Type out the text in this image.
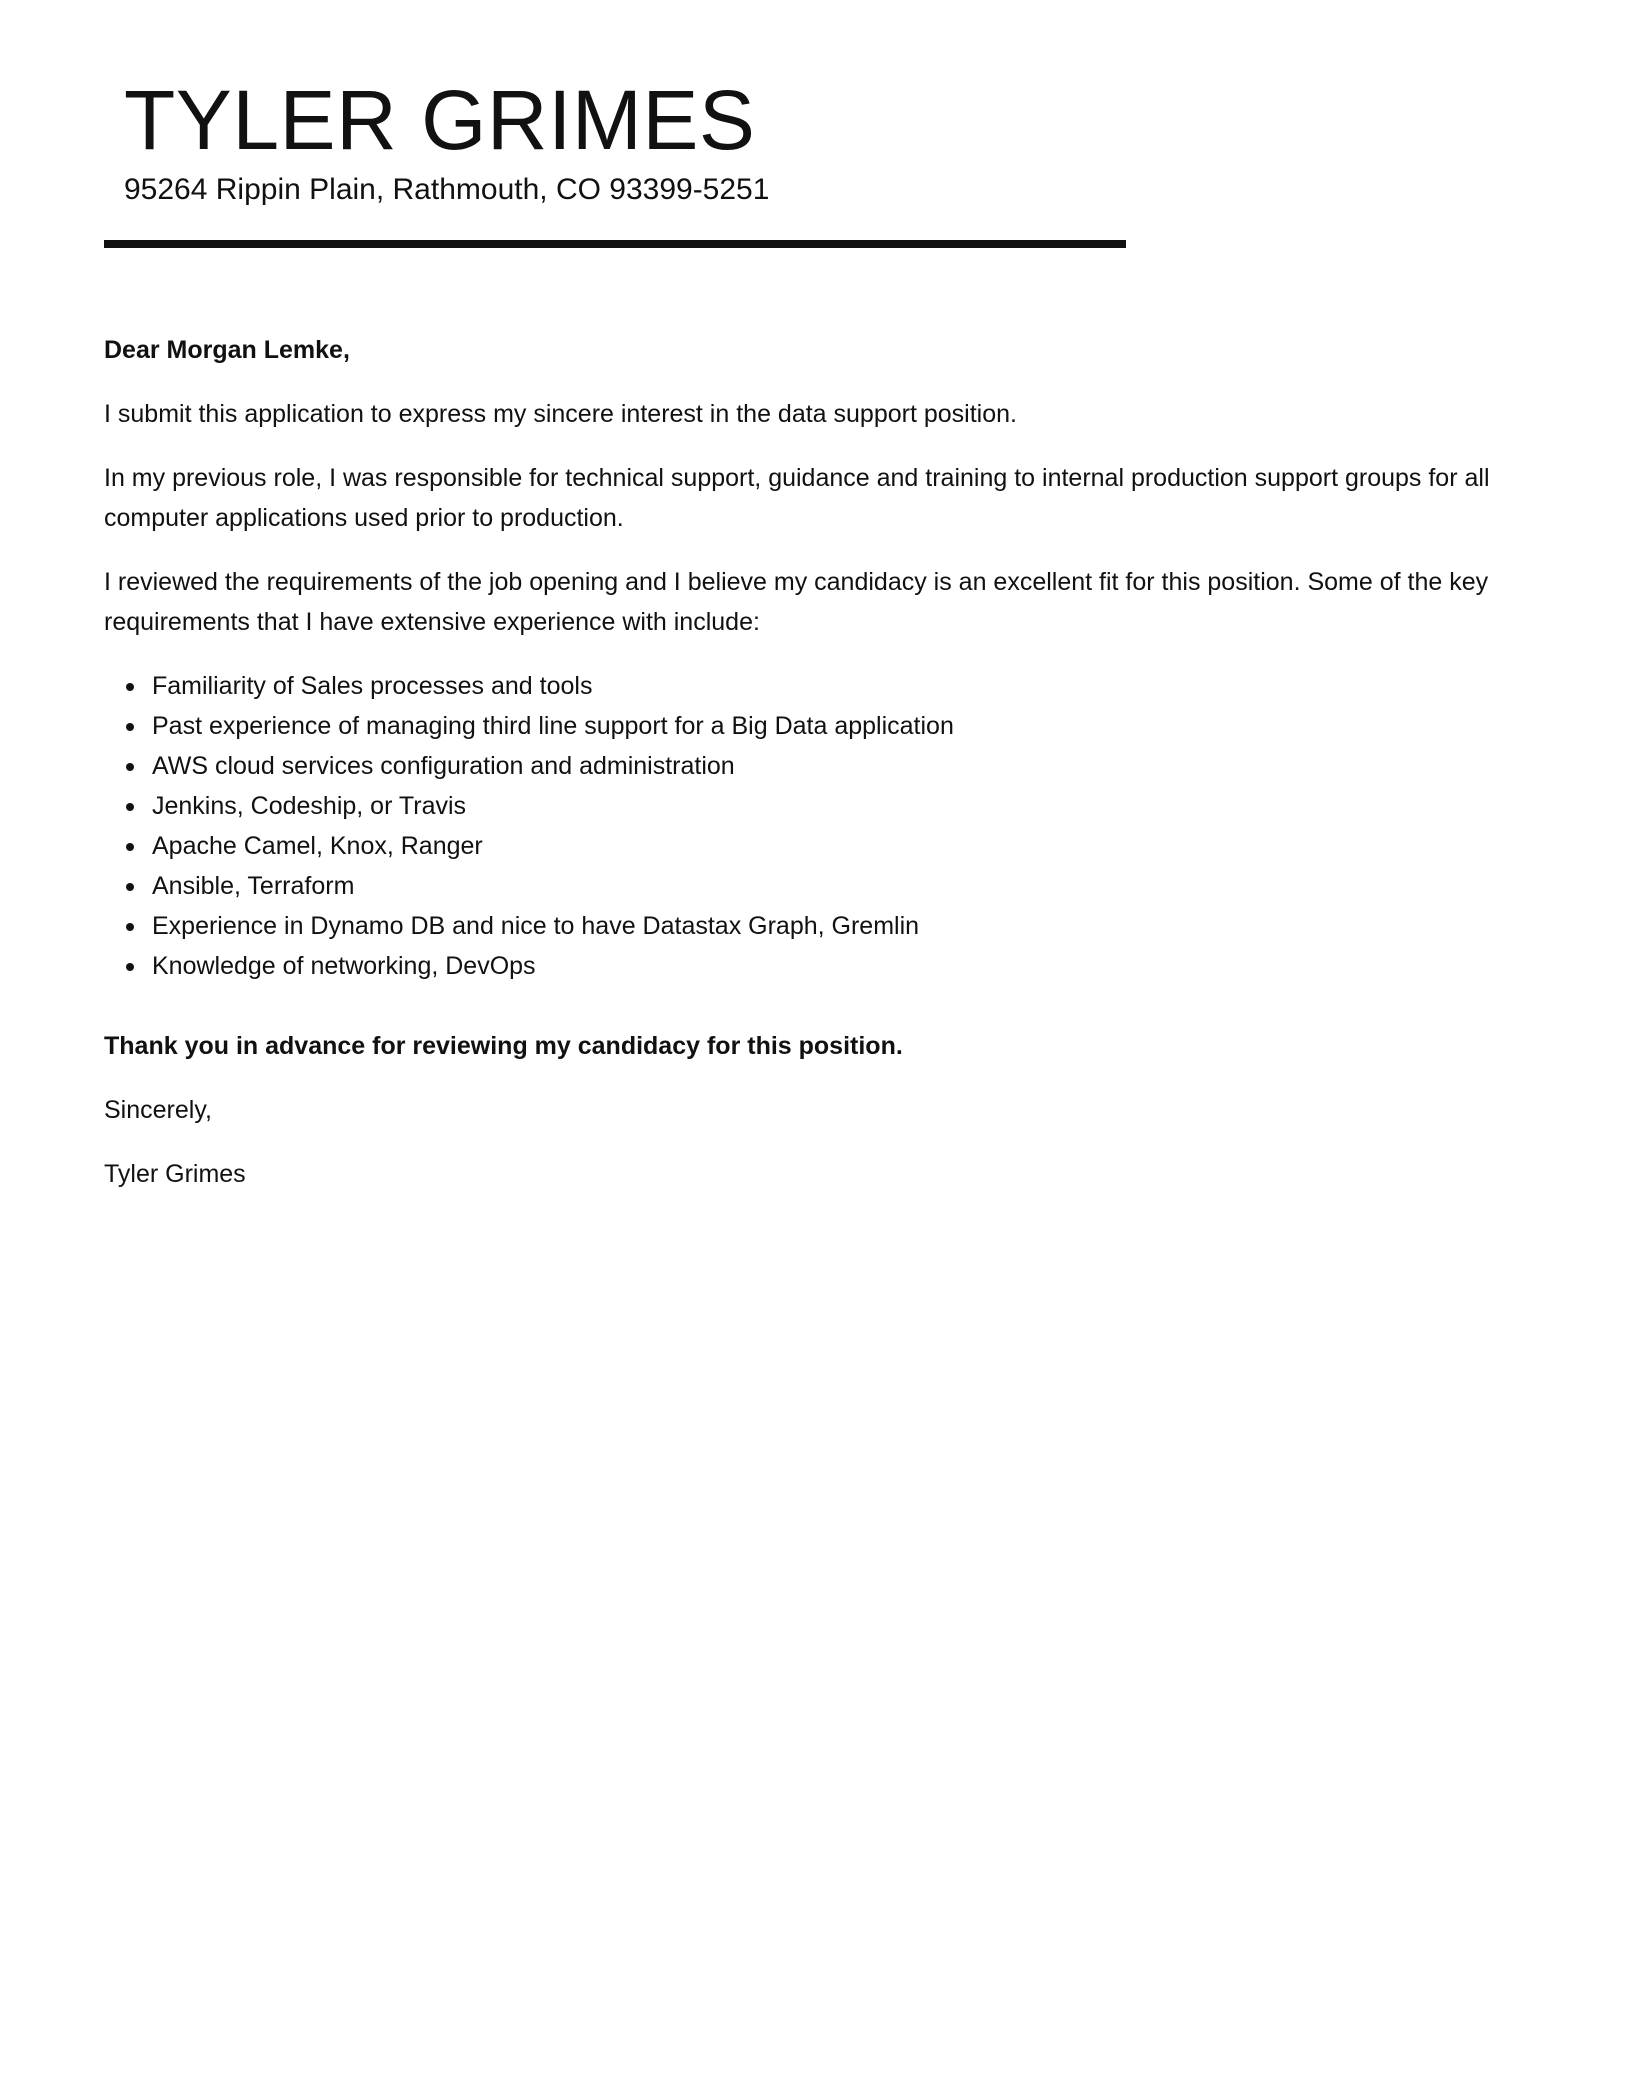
TYLER GRIMES
95264 Rippin Plain, Rathmouth, CO 93399-5251

Dear Morgan Lemke,

I submit this application to express my sincere interest in the data support position.

In my previous role, I was responsible for technical support, guidance and training to internal production support groups for all computer applications used prior to production.

I reviewed the requirements of the job opening and I believe my candidacy is an excellent fit for this position. Some of the key requirements that I have extensive experience with include:

Familiarity of Sales processes and tools
Past experience of managing third line support for a Big Data application
AWS cloud services configuration and administration
Jenkins, Codeship, or Travis
Apache Camel, Knox, Ranger
Ansible, Terraform
Experience in Dynamo DB and nice to have Datastax Graph, Gremlin
Knowledge of networking, DevOps

Thank you in advance for reviewing my candidacy for this position.

Sincerely,

Tyler Grimes
